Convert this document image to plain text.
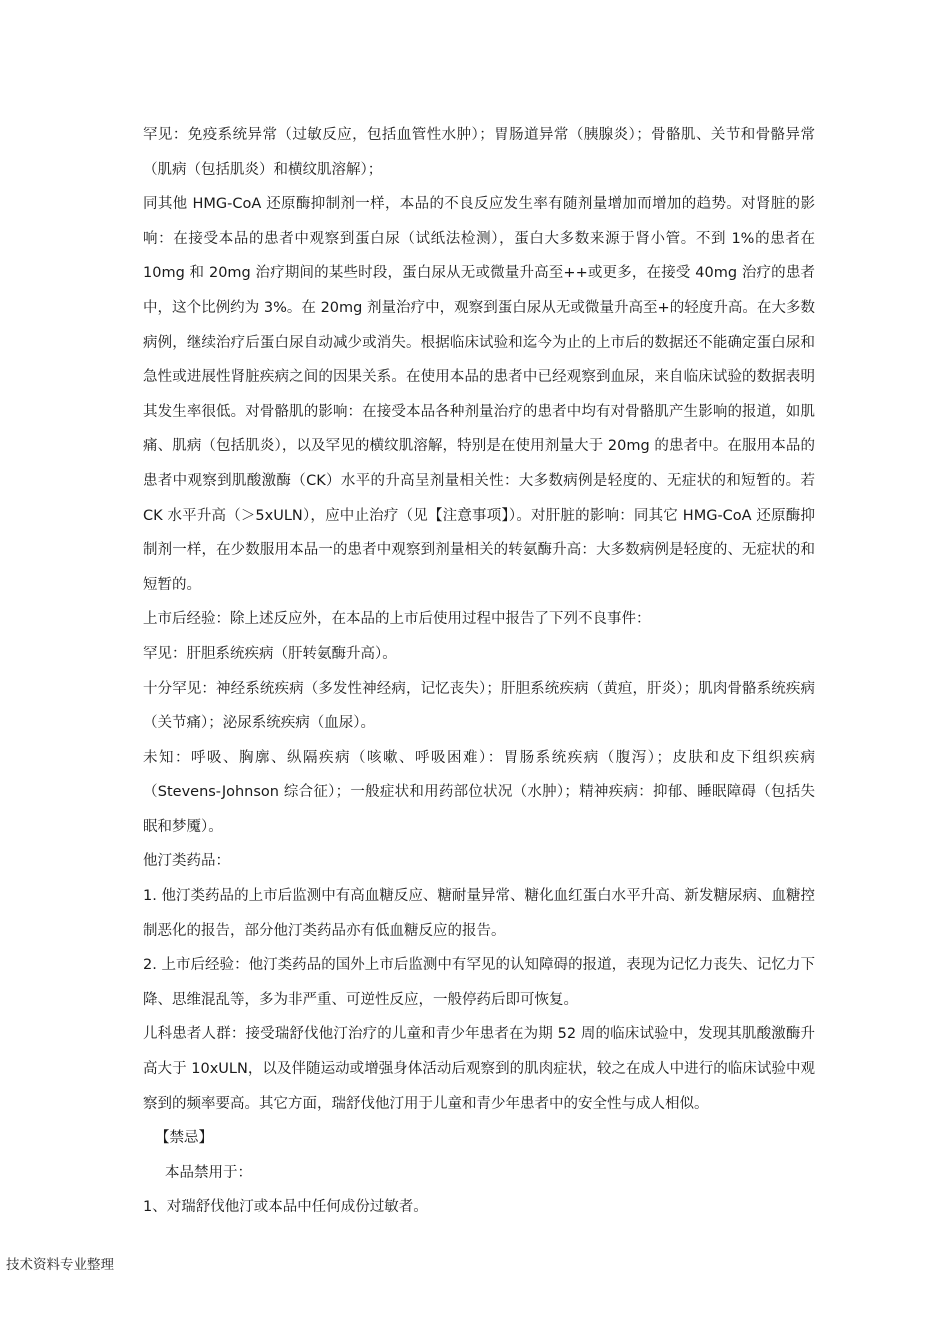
罕见：免疫系统异常（过敏反应，包括血管性水肿）；胃肠道异常（胰腺炎）；骨骼肌、关节和骨骼异常（肌病（包括肌炎）和横纹肌溶解）；

同其他 HMG-CoA 还原酶抑制剂一样，本品的不良反应发生率有随剂量增加而增加的趋势。对肾脏的影响：在接受本品的患者中观察到蛋白尿（试纸法检测），蛋白大多数来源于肾小管。不到 1%的患者在 10mg 和 20mg 治疗期间的某些时段，蛋白尿从无或微量升高至++或更多，在接受 40mg 治疗的患者中，这个比例约为 3%。在 20mg 剂量治疗中，观察到蛋白尿从无或微量升高至+的轻度升高。在大多数病例，继续治疗后蛋白尿自动减少或消失。根据临床试验和迄今为止的上市后的数据还不能确定蛋白尿和急性或进展性肾脏疾病之间的因果关系。在使用本品的患者中已经观察到血尿，来自临床试验的数据表明其发生率很低。对骨骼肌的影响：在接受本品各种剂量治疗的患者中均有对骨骼肌产生影响的报道，如肌痛、肌病（包括肌炎），以及罕见的横纹肌溶解，特别是在使用剂量大于 20mg 的患者中。在服用本品的患者中观察到肌酸激酶（CK）水平的升高呈剂量相关性：大多数病例是轻度的、无症状的和短暂的。若 CK 水平升高（＞5xULN），应中止治疗（见【注意事项】）。对肝脏的影响：同其它 HMG-CoA 还原酶抑制剂一样，在少数服用本品一的患者中观察到剂量相关的转氨酶升高：大多数病例是轻度的、无症状的和短暂的。

上市后经验：除上述反应外，在本品的上市后使用过程中报告了下列不良事件：

罕见：肝胆系统疾病（肝转氨酶升高）。

十分罕见：神经系统疾病（多发性神经病，记忆丧失）；肝胆系统疾病（黄疸，肝炎）；肌肉骨骼系统疾病（关节痛）；泌尿系统疾病（血尿）。

未知：呼吸、胸廓、纵隔疾病（咳嗽、呼吸困难）：胃肠系统疾病（腹泻）；皮肤和皮下组织疾病（Stevens-Johnson 综合征）；一般症状和用药部位状况（水肿）；精神疾病：抑郁、睡眠障碍（包括失眠和梦魇）。

他汀类药品：

1. 他汀类药品的上市后监测中有高血糖反应、糖耐量异常、糖化血红蛋白水平升高、新发糖尿病、血糖控制恶化的报告，部分他汀类药品亦有低血糖反应的报告。

2. 上市后经验：他汀类药品的国外上市后监测中有罕见的认知障碍的报道，表现为记忆力丧失、记忆力下降、思维混乱等，多为非严重、可逆性反应，一般停药后即可恢复。

儿科患者人群：接受瑞舒伐他汀治疗的儿童和青少年患者在为期 52 周的临床试验中，发现其肌酸激酶升高大于 10xULN，以及伴随运动或增强身体活动后观察到的肌肉症状，较之在成人中进行的临床试验中观察到的频率要高。其它方面，瑞舒伐他汀用于儿童和青少年患者中的安全性与成人相似。

【禁忌】

本品禁用于：

1、对瑞舒伐他汀或本品中任何成份过敏者。

技术资料专业整理
